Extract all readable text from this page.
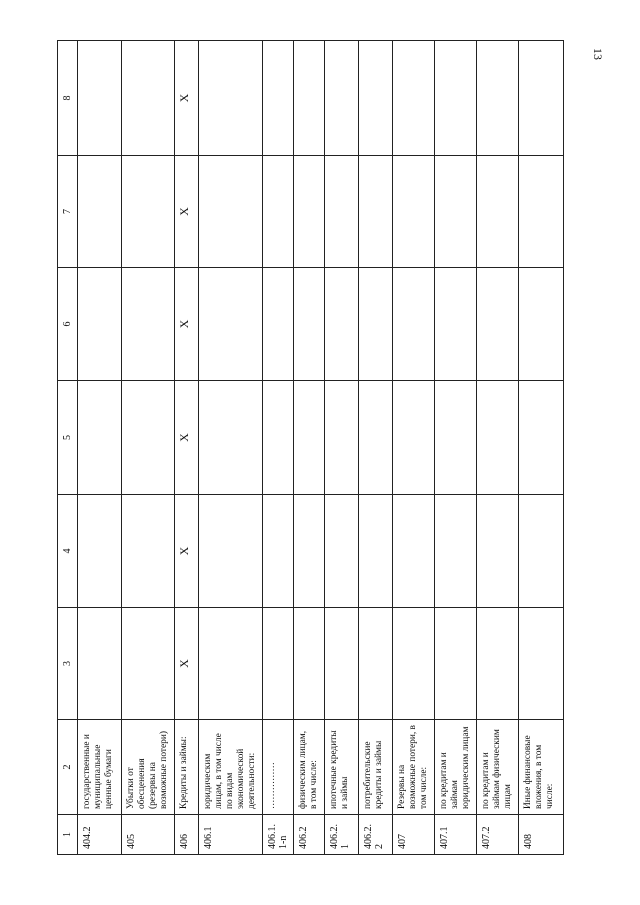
13
1	2	3	4	5	6	7	8
404.2	государственные и муниципальные ценные бумаги						
405	Убытки от обесценения (резервы на возможные потери)						
406	Кредиты и займы:	X	X	X	X	X	X
406.1	юридическим лицам, в том числе по видам экономической деятельности:						
406.1.1-n	……………						
406.2	физическим лицам, в том числе:						
406.2.1	ипотечные кредиты и займы						
406.2.2	потребительские кредиты и займы						
407	Резервы на возможные потери, в том числе:						
407.1	по кредитам и займам юридическим лицам						
407.2	по кредитам и займам физическим лицам						
408	Иные финансовые вложения, в том числе:						
